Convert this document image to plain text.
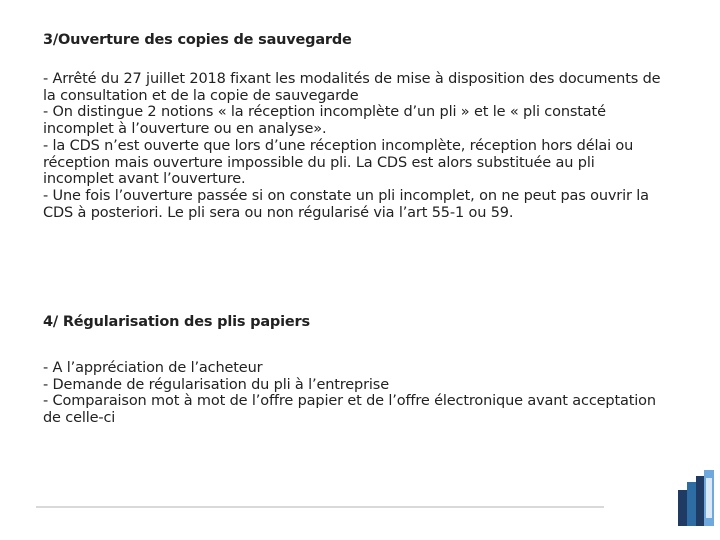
3/Ouverture des copies de sauvegarde
- Arrêté du 27 juillet 2018 fixant les modalités de mise à disposition des documents de la consultation et de la copie de sauvegarde
- On distingue 2 notions « la réception incomplète d’un pli » et le « pli constaté incomplet à l’ouverture ou en analyse».
- la CDS n’est ouverte que lors d’une réception incomplète, réception hors délai ou réception mais ouverture impossible du pli. La CDS est alors substituée au pli incomplet avant l’ouverture.
- Une fois l’ouverture passée si on constate un pli incomplet, on ne peut pas ouvrir la CDS à posteriori. Le pli sera ou non régularisé via l’art 55-1 ou 59.
4/ Régularisation des plis papiers
- A l’appréciation de l’acheteur
- Demande de régularisation du pli à l’entreprise
- Comparaison mot à mot de l’offre papier et de l’offre électronique avant acceptation de celle-ci
